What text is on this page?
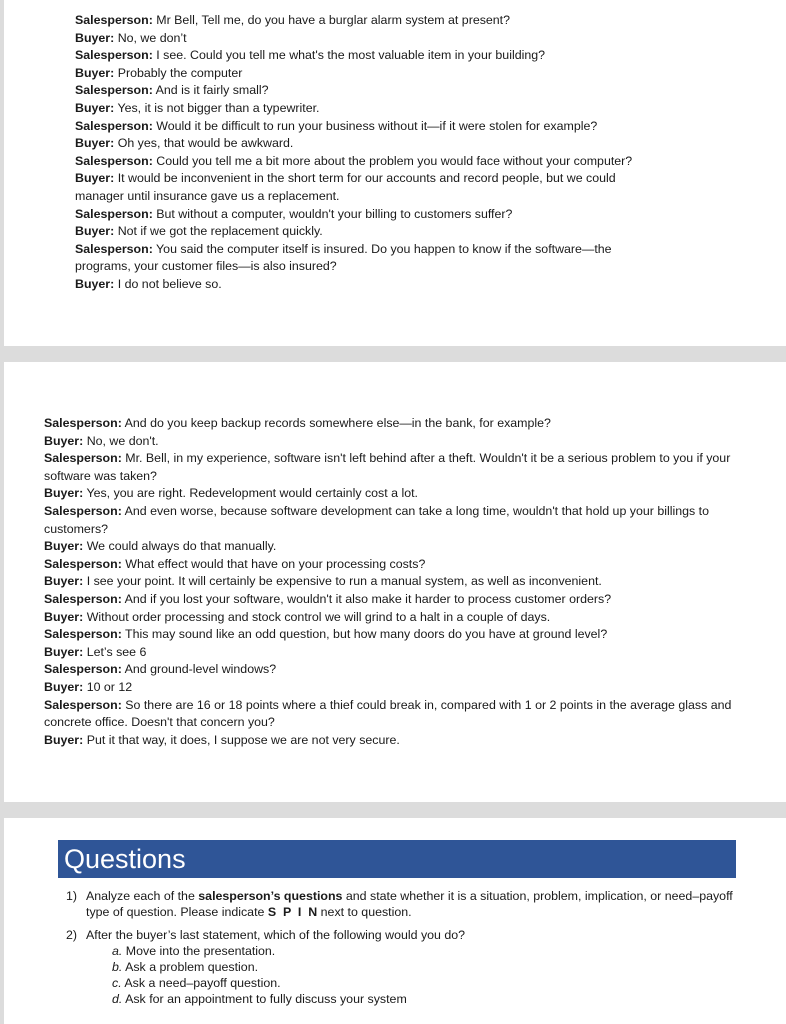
Salesperson: Mr Bell, Tell me, do you have a burglar alarm system at present?
Buyer: No, we don’t
Salesperson: I see. Could you tell me what's the most valuable item in your building?
Buyer: Probably the computer
Salesperson: And is it fairly small?
Buyer: Yes, it is not bigger than a typewriter.
Salesperson: Would it be difficult to run your business without it—if it were stolen for example?
Buyer: Oh yes, that would be awkward.
Salesperson: Could you tell me a bit more about the problem you would face without your computer?
Buyer: It would be inconvenient in the short term for our accounts and record people, but we could manager until insurance gave us a replacement.
Salesperson: But without a computer, wouldn't your billing to customers suffer?
Buyer: Not if we got the replacement quickly.
Salesperson: You said the computer itself is insured. Do you happen to know if the software—the programs, your customer files—is also insured?
Buyer: I do not believe so.
Salesperson: And do you keep backup records somewhere else—in the bank, for example?
Buyer: No, we don't.
Salesperson: Mr. Bell, in my experience, software isn't left behind after a theft. Wouldn't it be a serious problem to you if your software was taken?
Buyer: Yes, you are right. Redevelopment would certainly cost a lot.
Salesperson: And even worse, because software development can take a long time, wouldn't that hold up your billings to customers?
Buyer: We could always do that manually.
Salesperson: What effect would that have on your processing costs?
Buyer: I see your point. It will certainly be expensive to run a manual system, as well as inconvenient.
Salesperson: And if you lost your software, wouldn't it also make it harder to process customer orders?
Buyer: Without order processing and stock control we will grind to a halt in a couple of days.
Salesperson: This may sound like an odd question, but how many doors do you have at ground level?
Buyer: Let’s see 6
Salesperson: And ground-level windows?
Buyer: 10 or 12
Salesperson: So there are 16 or 18 points where a thief could break in, compared with 1 or 2 points in the average glass and concrete office. Doesn't that concern you?
Buyer: Put it that way, it does, I suppose we are not very secure.
Questions
1) Analyze each of the salesperson’s questions and state whether it is a situation, problem, implication, or need–payoff type of question. Please indicate S  P  I  N next to question.
2) After the buyer’s last statement, which of the following would you do?
a. Move into the presentation.
b. Ask a problem question.
c. Ask a need–payoff question.
d. Ask for an appointment to fully discuss your system
